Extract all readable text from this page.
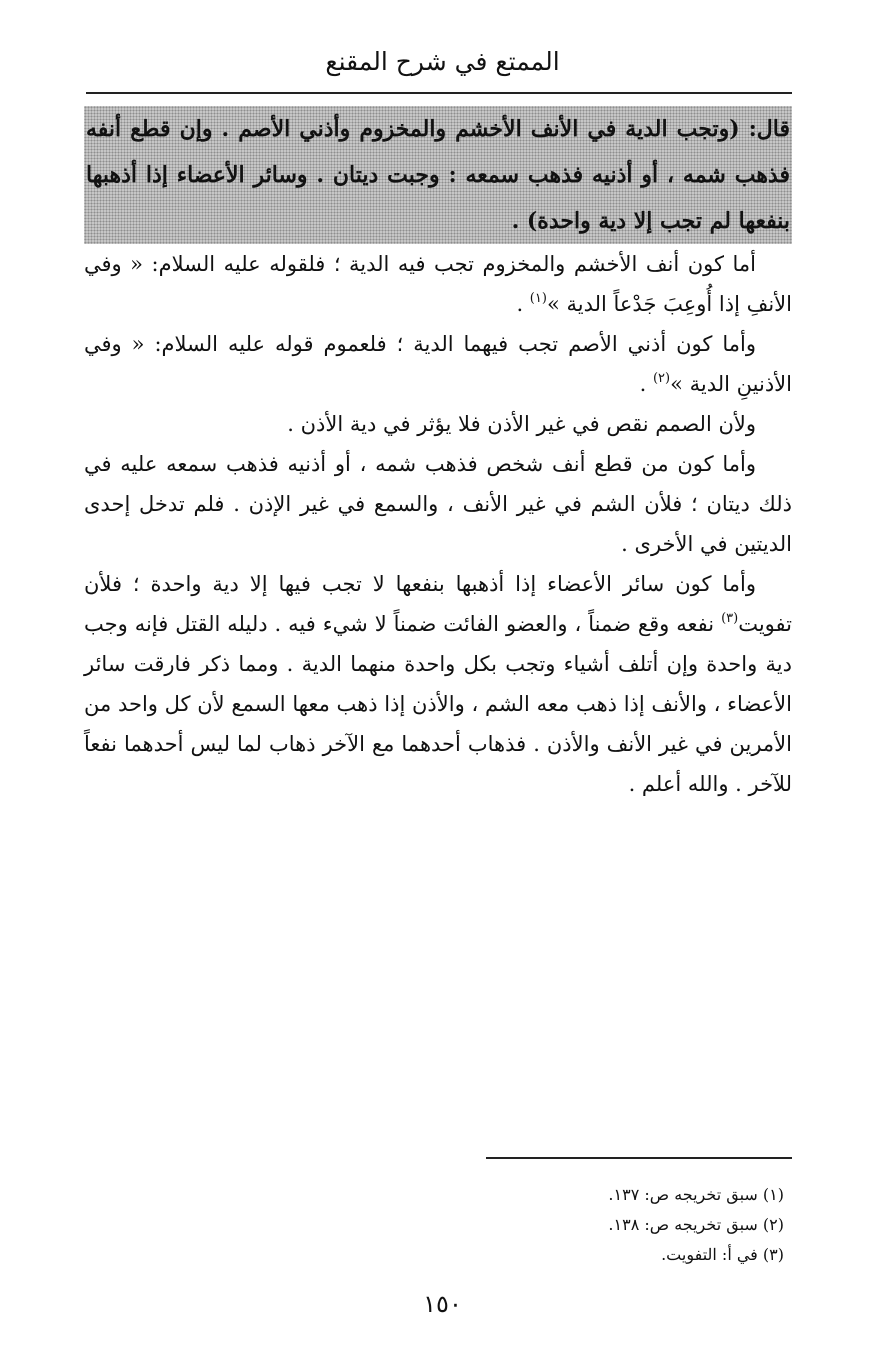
الممتع في شرح المقنع
قال: (وتجب الدية في الأنف الأخشم والمخزوم وأذني الأصم . وإن قطع أنفه فذهب شمه ، أو أذنيه فذهب سمعه : وجبت ديتان . وسائر الأعضاء إذا أذهبها بنفعها لم تجب إلا دية واحدة) .

أما كون أنف الأخشم والمخزوم تجب فيه الدية ؛ فلقوله عليه السلام: « وفي الأنفِ إذا أُوعِبَ جَدْعاً الدية »$^{(١)}$ .

وأما كون أذني الأصم تجب فيهما الدية ؛ فلعموم قوله عليه السلام: « وفي الأذنينِ الدية »$^{(٢)}$ .

ولأن الصمم نقص في غير الأذن فلا يؤثر في دية الأذن .

وأما كون من قطع أنف شخص فذهب شمه ، أو أذنيه فذهب سمعه عليه في ذلك ديتان ؛ فلأن الشم في غير الأنف ، والسمع في غير الإذن . فلم تدخل إحدى الديتين في الأخرى .

وأما كون سائر الأعضاء إذا أذهبها بنفعها لا تجب فيها إلا دية واحدة ؛ فلأن تفويت$^{(٣)}$ نفعه وقع ضمناً ، والعضو الفائت ضمناً لا شيء فيه . دليله القتل فإنه وجب دية واحدة وإن أتلف أشياء وتجب بكل واحدة منهما الدية . ومما ذكر فارقت سائر الأعضاء ، والأنف إذا ذهب معه الشم ، والأذن إذا ذهب معها السمع لأن كل واحد من الأمرين في غير الأنف والأذن . فذهاب أحدهما مع الآخر ذهاب لما ليس أحدهما نفعاً للآخر . والله أعلم .

(١) سبق تخريجه ص: ١٣٧.
(٢) سبق تخريجه ص: ١٣٨.
(٣) في أ: التفويت.
١٥٠
